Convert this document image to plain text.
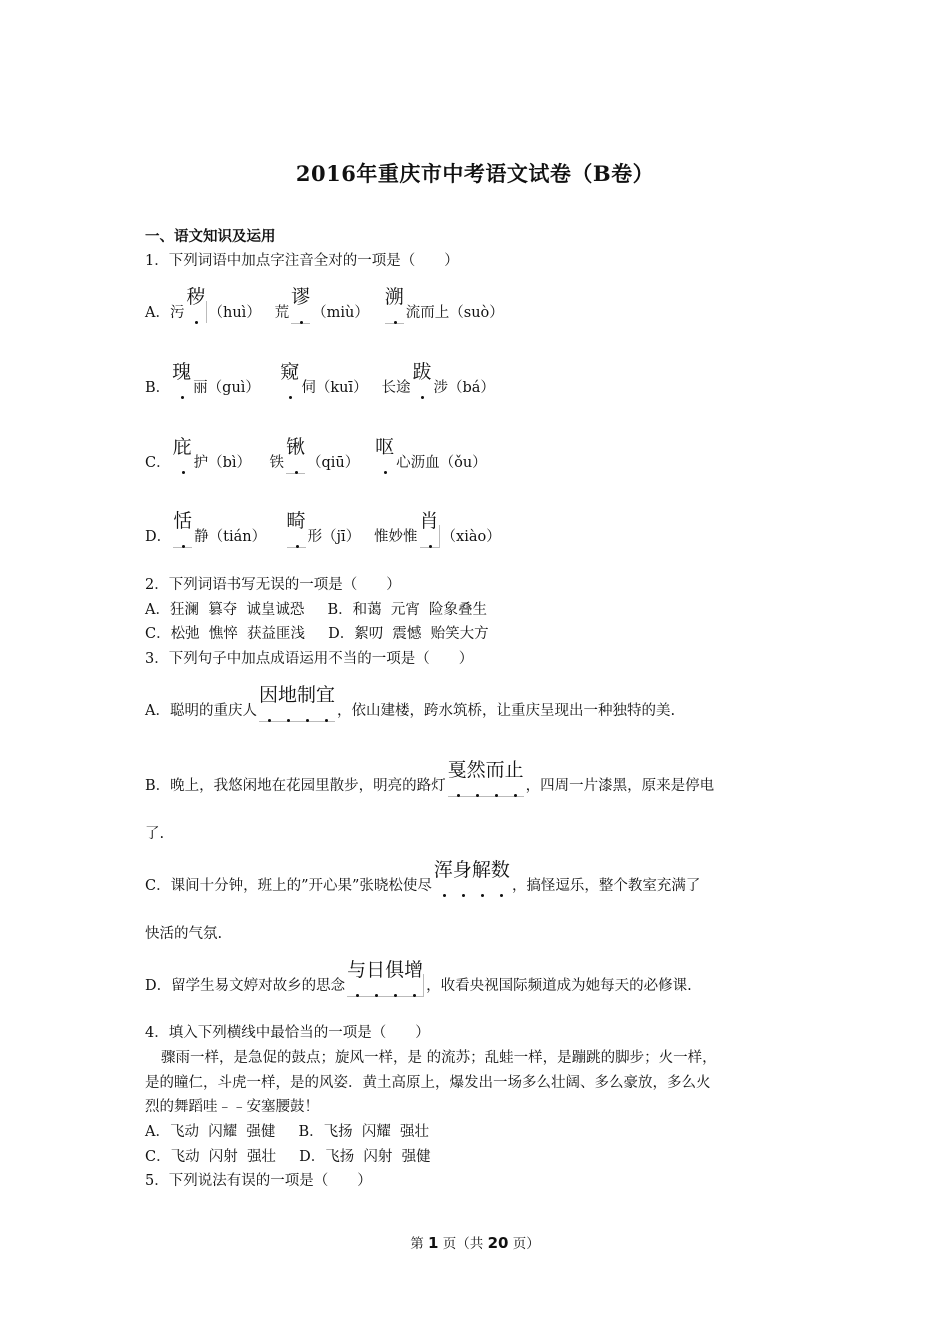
2016年重庆市中考语文试卷（B卷）
一、语文知识及运用
1．下列词语中加点字注音全对的一项是（　　）
A．污秽
（huì） 荒谬
（miù）   溯
流而上（suò）
B．瑰
丽（guì）    窥
伺（kuī） 长途跋
涉（bá）
C．庇
护（bì） 铁锹
（qiū）   呕
心沥血（ǒu）
D．恬
静（tián）    畸
形（jī） 惟妙惟肖
（xiào）
2．下列词语书写无误的一项是（　　）
A．狂澜  篡夺  诚皇诚恐     B．和蔼  元宵  险象叠生
C．松弛  憔悴  获益匪浅     D．絮叨  震憾  贻笑大方
3．下列句子中加点成语运用不当的一项是（　　）
A．聪明的重庆人因地制宜
，依山建楼，跨水筑桥，让重庆呈现出一种独特的美.
B．晚上，我悠闲地在花园里散步，明亮的路灯戛然而止
，四周一片漆黑，原来是停电
了.
C．课间十分钟，班上的”开心果”张晓松使尽浑身解数
，搞怪逗乐，整个教室充满了
快活的气氛.
D．留学生易文婷对故乡的思念与日俱增
，收看央视国际频道成为她每天的必修课.
4．填入下列横线中最恰当的一项是（　　）
骤雨一样，是急促的鼓点；旋风一样，是 的流苏；乱蛙一样，是蹦跳的脚步；火一样，
是的瞳仁，斗虎一样，是的风姿．黄土高原上，爆发出一场多么壮阔、多么豪放，多么火
烈的舞蹈哇﹣﹣安塞腰鼓！
A．飞动  闪耀  强健     B．飞扬  闪耀  强壮
C．飞动  闪射  强壮     D．飞扬  闪射  强健
5．下列说法有误的一项是（　　）
第 1 页（共 20 页）
